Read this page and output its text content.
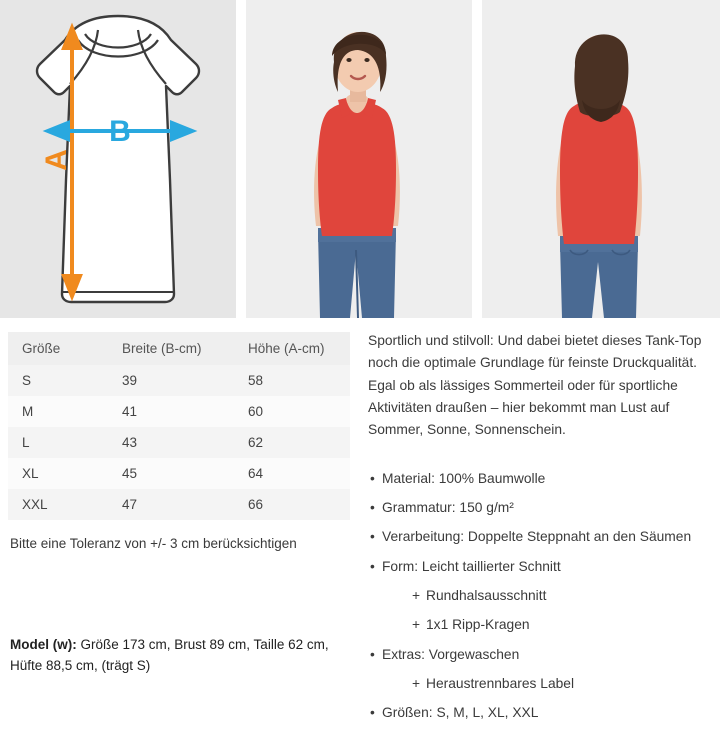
A
B
Größe	Breite (B-cm)	Höhe (A-cm)
S	39	58
M	41	60
L	43	62
XL	45	64
XXL	47	66
Bitte eine Toleranz von +/- 3 cm berücksichtigen

Sportlich und stilvoll: Und dabei bietet dieses Tank-Top noch die optimale Grundlage für feinste Druckqualität. Egal ob als lässiges Sommerteil oder für sportliche Aktivitäten draußen – hier bekommt man Lust auf Sommer, Sonne, Sonnenschein.

• Material: 100% Baumwolle
• Grammatur: 150 g/m²
• Verarbeitung: Doppelte Steppnaht an den Säumen
• Form: Leicht taillierter Schnitt
+ Rundhalsausschnitt
+ 1x1 Ripp-Kragen
• Extras: Vorgewaschen
+ Heraustrennbares Label
• Größen: S, M, L, XL, XXL
Model (w): Größe 173 cm, Brust 89 cm, Taille 62 cm, Hüfte 88,5 cm, (trägt S)
